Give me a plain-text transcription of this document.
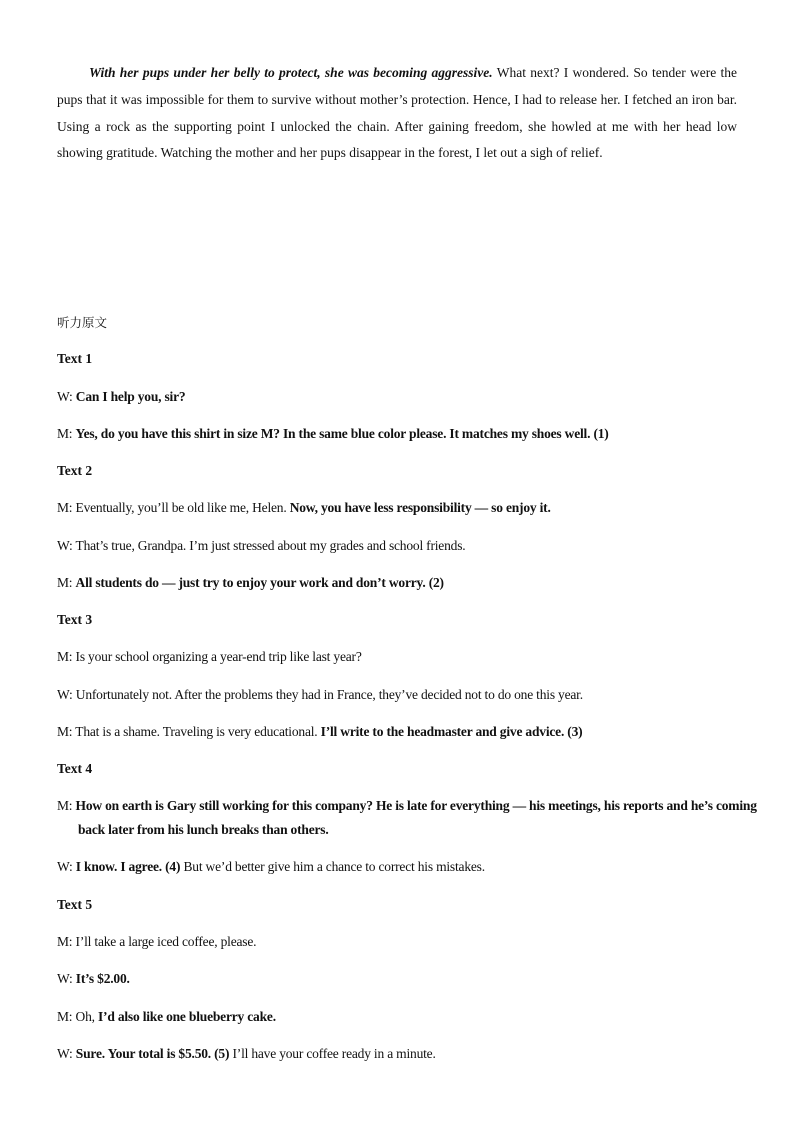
With her pups under her belly to protect, she was becoming aggressive. What next? I wondered. So tender were the pups that it was impossible for them to survive without mother’s protection. Hence, I had to release her. I fetched an iron bar. Using a rock as the supporting point I unlocked the chain. After gaining freedom, she howled at me with her head low showing gratitude. Watching the mother and her pups disappear in the forest, I let out a sigh of relief.

听力原文
Text 1
W: Can I help you, sir?
M: Yes, do you have this shirt in size M? In the same blue color please. It matches my shoes well. (1)
Text 2
M: Eventually, you’ll be old like me, Helen. Now, you have less responsibility — so enjoy it.
W: That’s true, Grandpa. I’m just stressed about my grades and school friends.
M: All students do — just try to enjoy your work and don’t worry. (2)
Text 3
M: Is your school organizing a year-end trip like last year?
W: Unfortunately not. After the problems they had in France, they’ve decided not to do one this year.
M: That is a shame. Traveling is very educational. I’ll write to the headmaster and give advice. (3)
Text 4
M: How on earth is Gary still working for this company? He is late for everything — his meetings, his reports and he’s coming back later from his lunch breaks than others.
W: I know. I agree. (4) But we’d better give him a chance to correct his mistakes.
Text 5
M: I’ll take a large iced coffee, please.
W: It’s $2.00.
M: Oh, I’d also like one blueberry cake.
W: Sure. Your total is $5.50. (5) I’ll have your coffee ready in a minute.
